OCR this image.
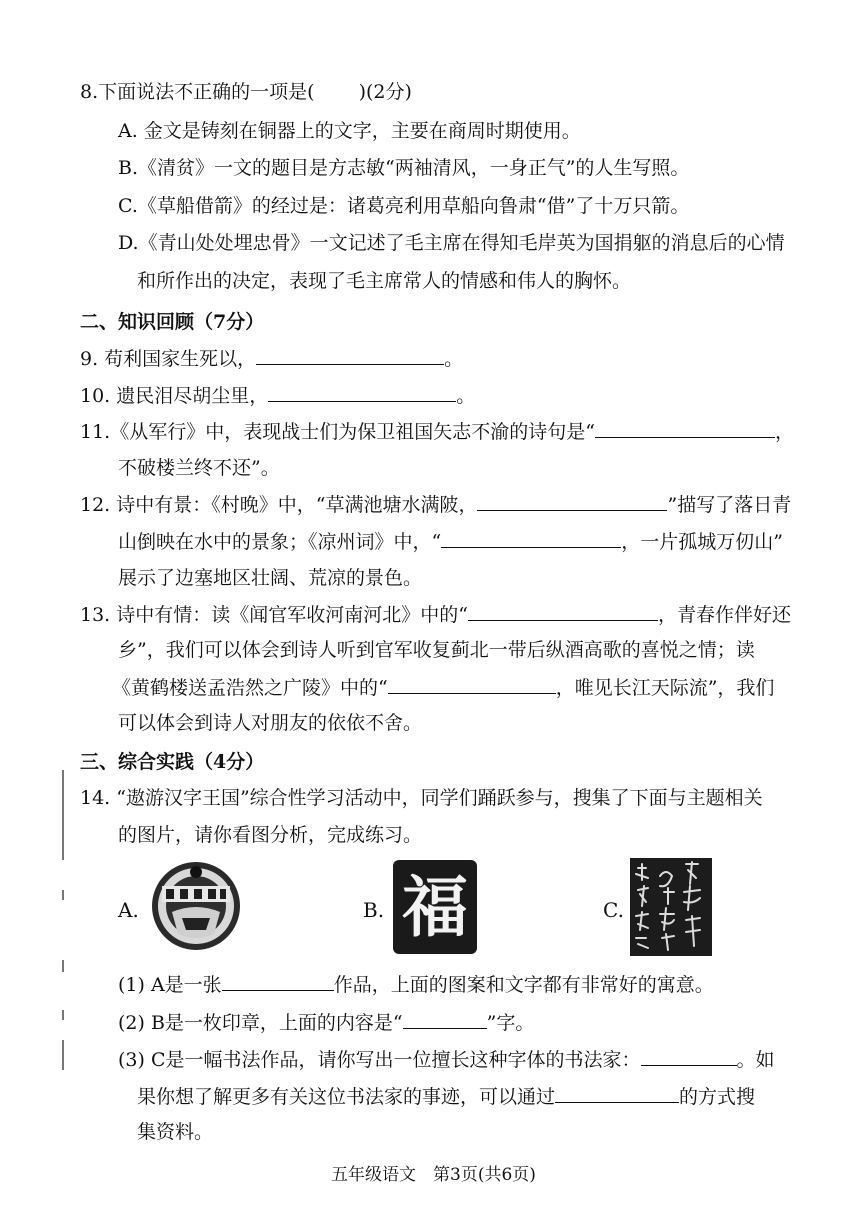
8.下面说法不正确的一项是( )(2分)
A. 金文是铸刻在铜器上的文字，主要在商周时期使用。
B.《清贫》一文的题目是方志敏“两袖清风，一身正气”的人生写照。
C.《草船借箭》的经过是：诸葛亮利用草船向鲁肃“借”了十万只箭。
D.《青山处处埋忠骨》一文记述了毛主席在得知毛岸英为国捐躯的消息后的心情
和所作出的决定，表现了毛主席常人的情感和伟人的胸怀。
二、知识回顾（7分）
9. 苟利国家生死以，	。
10. 遗民泪尽胡尘里，	。
11.《从军行》中，表现战士们为保卫祖国矢志不渝的诗句是“	，
不破楼兰终不还”。
12. 诗中有景：《村晚》中，“草满池塘水满陂，	”描写了落日青
山倒映在水中的景象；《凉州词》中，“	，一片孤城万仞山”
展示了边塞地区壮阔、荒凉的景色。
13. 诗中有情：读《闻官军收河南河北》中的“	，青春作伴好还
乡”，我们可以体会到诗人听到官军收复蓟北一带后纵酒高歌的喜悦之情；读
《黄鹤楼送孟浩然之广陵》中的“	，唯见长江天际流”，我们
可以体会到诗人对朋友的依依不舍。
三、综合实践（4分）
14. “遨游汉字王国”综合性学习活动中，同学们踊跃参与，搜集了下面与主题相关
的图片，请你看图分析，完成练习。
A.	B. 福	C.
(1) A是一张	作品，上面的图案和文字都有非常好的寓意。
(2) B是一枚印章，上面的内容是“	”字。
(3) C是一幅书法作品，请你写出一位擅长这种字体的书法家：	。如
果你想了解更多有关这位书法家的事迹，可以通过	的方式搜
集资料。
五年级语文　第3页(共6页)
